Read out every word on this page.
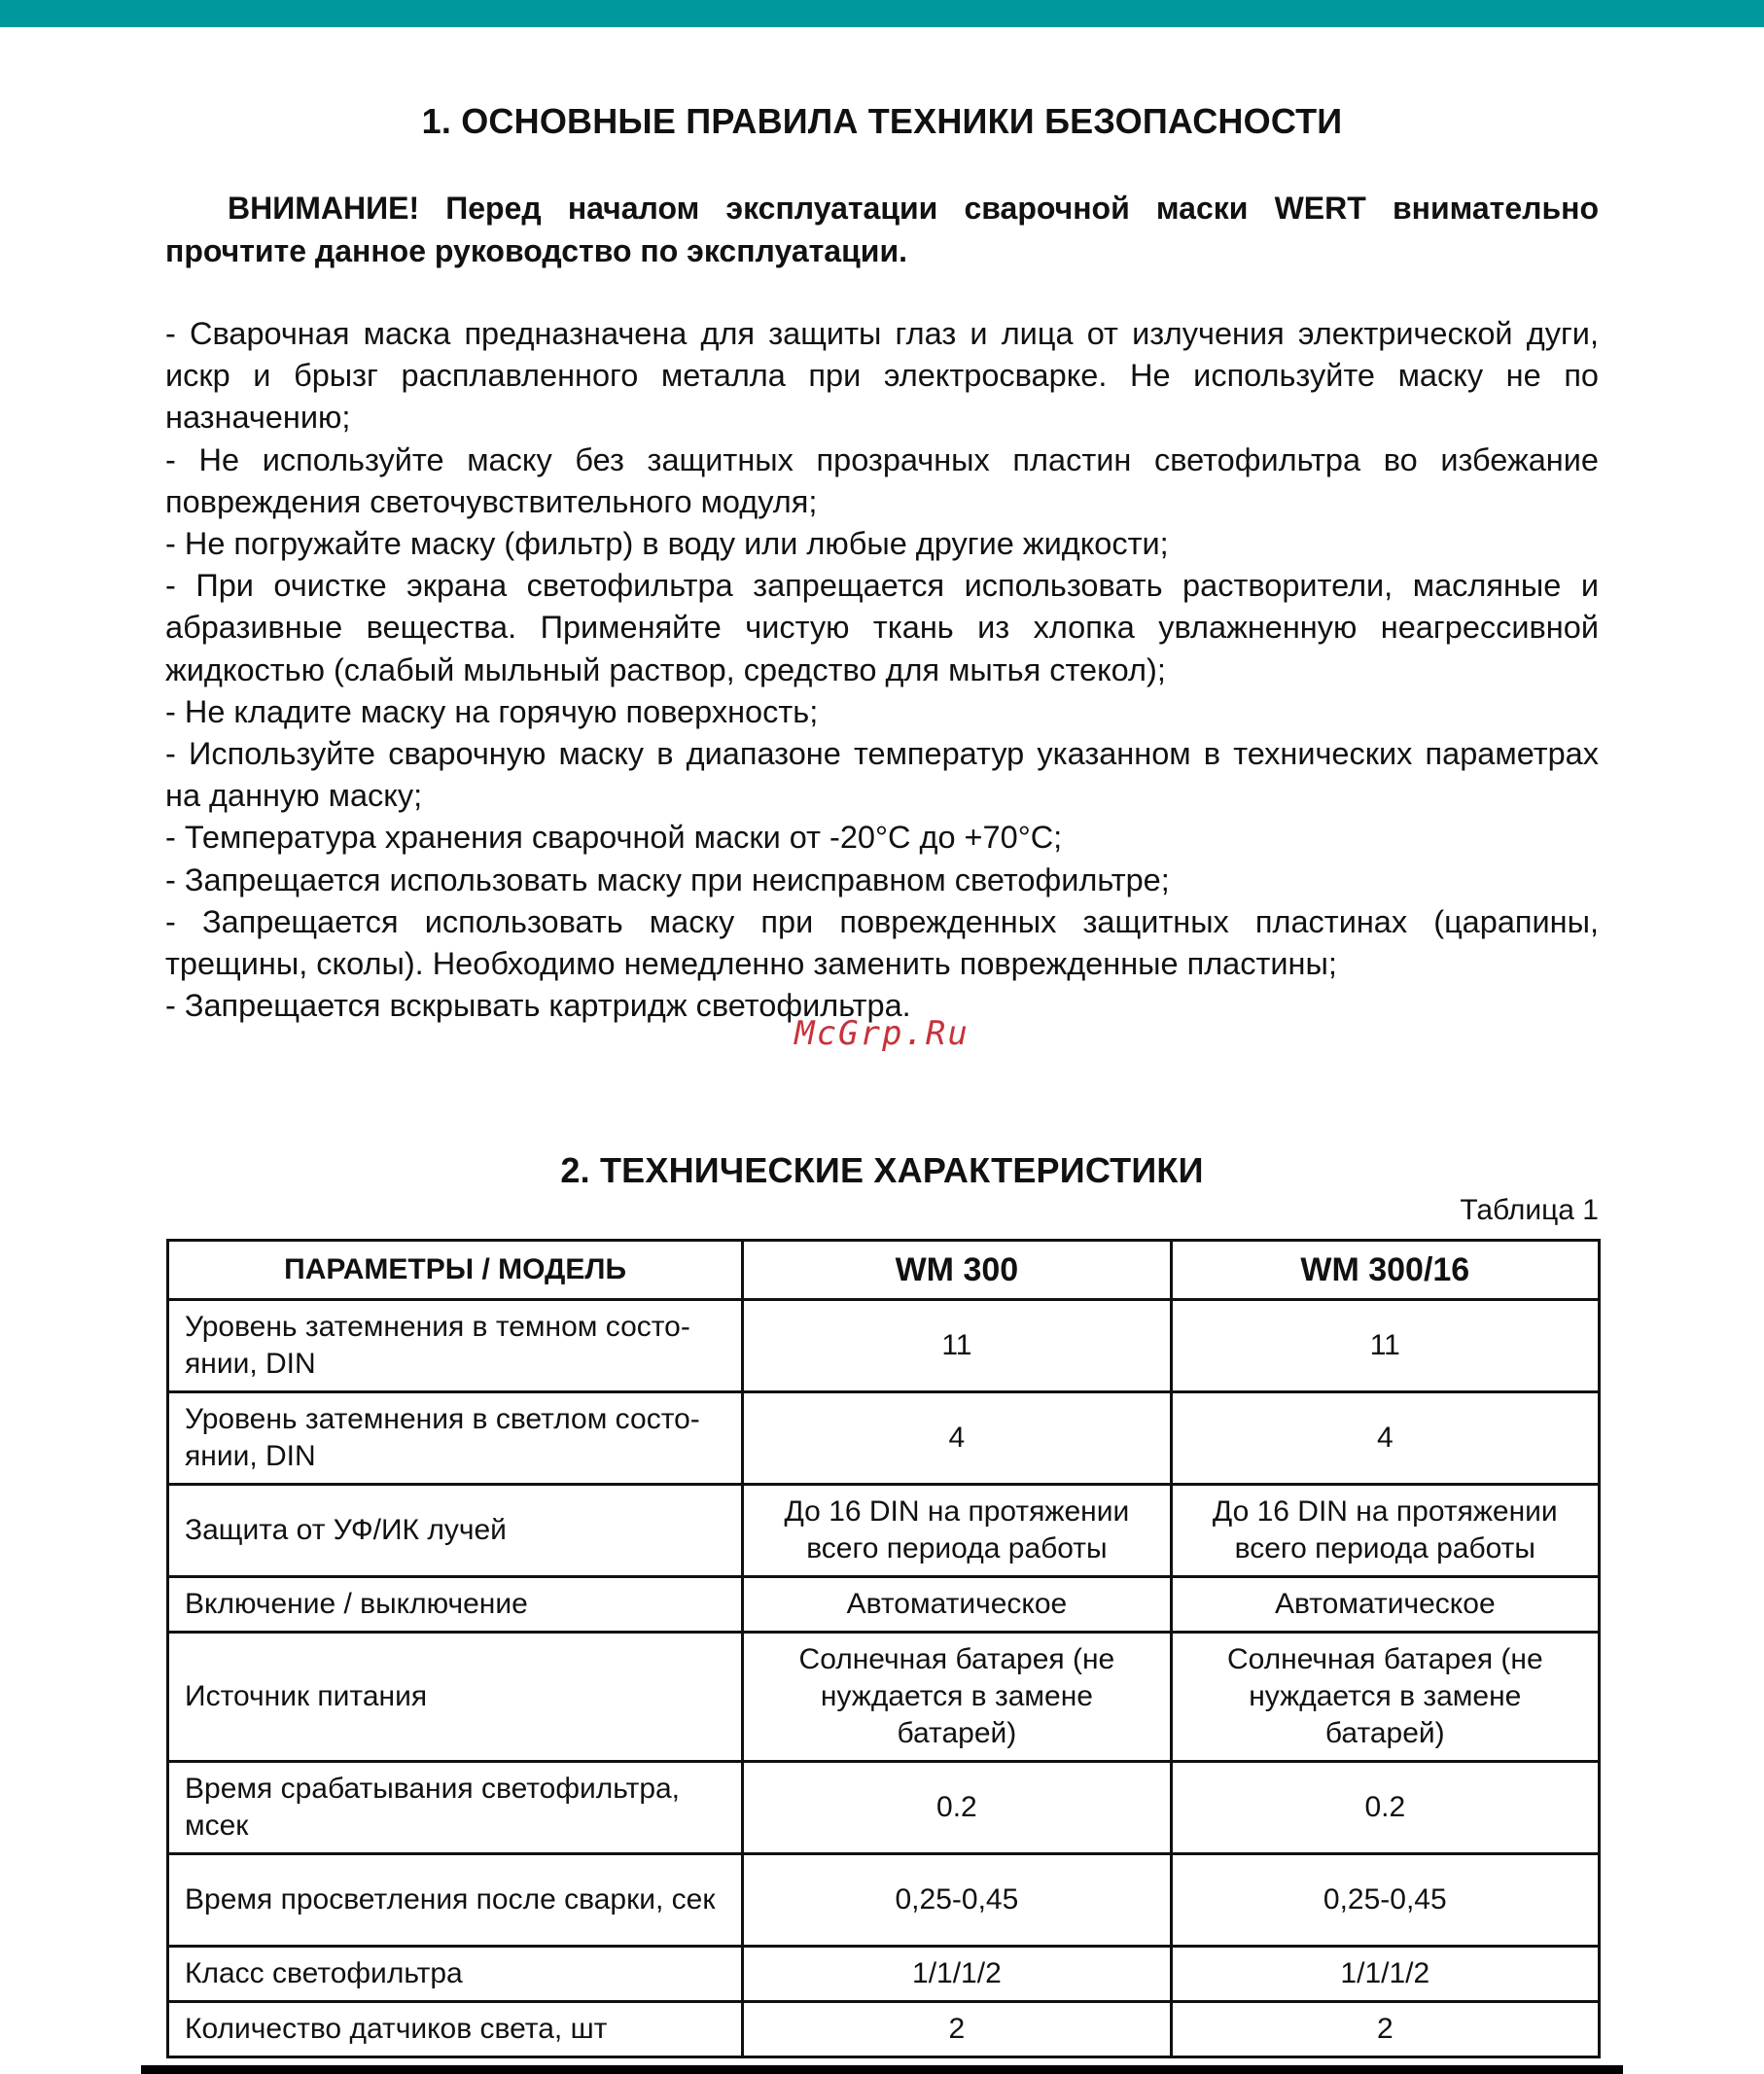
1. ОСНОВНЫЕ ПРАВИЛА ТЕХНИКИ БЕЗОПАСНОСТИ

ВНИМАНИЕ! Перед началом эксплуатации сварочной маски WERT внимательно прочтите данное руководство по эксплуатации.

- Сварочная маска предназначена для защиты глаз и лица от излучения электрической дуги, искр и брызг расплавленного металла при электросварке. Не используйте маску не по назначению;
- Не используйте маску без защитных прозрачных пластин светофильтра во избежание повреждения светочувствительного модуля;
- Не погружайте маску (фильтр) в воду или любые другие жидкости;
- При очистке экрана светофильтра запрещается использовать растворители, масляные и абразивные вещества. Применяйте чистую ткань из хлопка увлажненную неагрессивной жидкостью (слабый мыльный раствор, средство для мытья стекол);
- Не кладите маску на горячую поверхность;
- Используйте сварочную маску в диапазоне температур указанном в технических параметрах на данную маску;
- Температура хранения сварочной маски от -20°С до +70°С;
- Запрещается использовать маску при неисправном светофильтре;
- Запрещается использовать маску при поврежденных защитных пластинах (царапины, трещины, сколы). Необходимо немедленно заменить поврежденные пластины;
- Запрещается вскрывать картридж светофильтра.
McGrp.Ru
2. ТЕХНИЧЕСКИЕ ХАРАКТЕРИСТИКИ
Таблица 1
ПАРАМЕТРЫ / МОДЕЛЬ	WM 300	WM 300/16
Уровень затемнения в темном состо-янии, DIN	11	11
Уровень затемнения в светлом состо-янии, DIN	4	4
Защита от УФ/ИК лучей	До 16 DIN на протяжении всего периода работы	До 16 DIN на протяжении всего периода работы
Включение / выключение	Автоматическое	Автоматическое
Источник питания	Солнечная батарея (не нуждается в замене батарей)	Солнечная батарея (не нуждается в замене батарей)
Время срабатывания светофильтра, мсек	0.2	0.2
Время просветления после сварки, сек	0,25-0,45	0,25-0,45
Класс светофильтра	1/1/1/2	1/1/1/2
Количество датчиков света, шт	2	2
